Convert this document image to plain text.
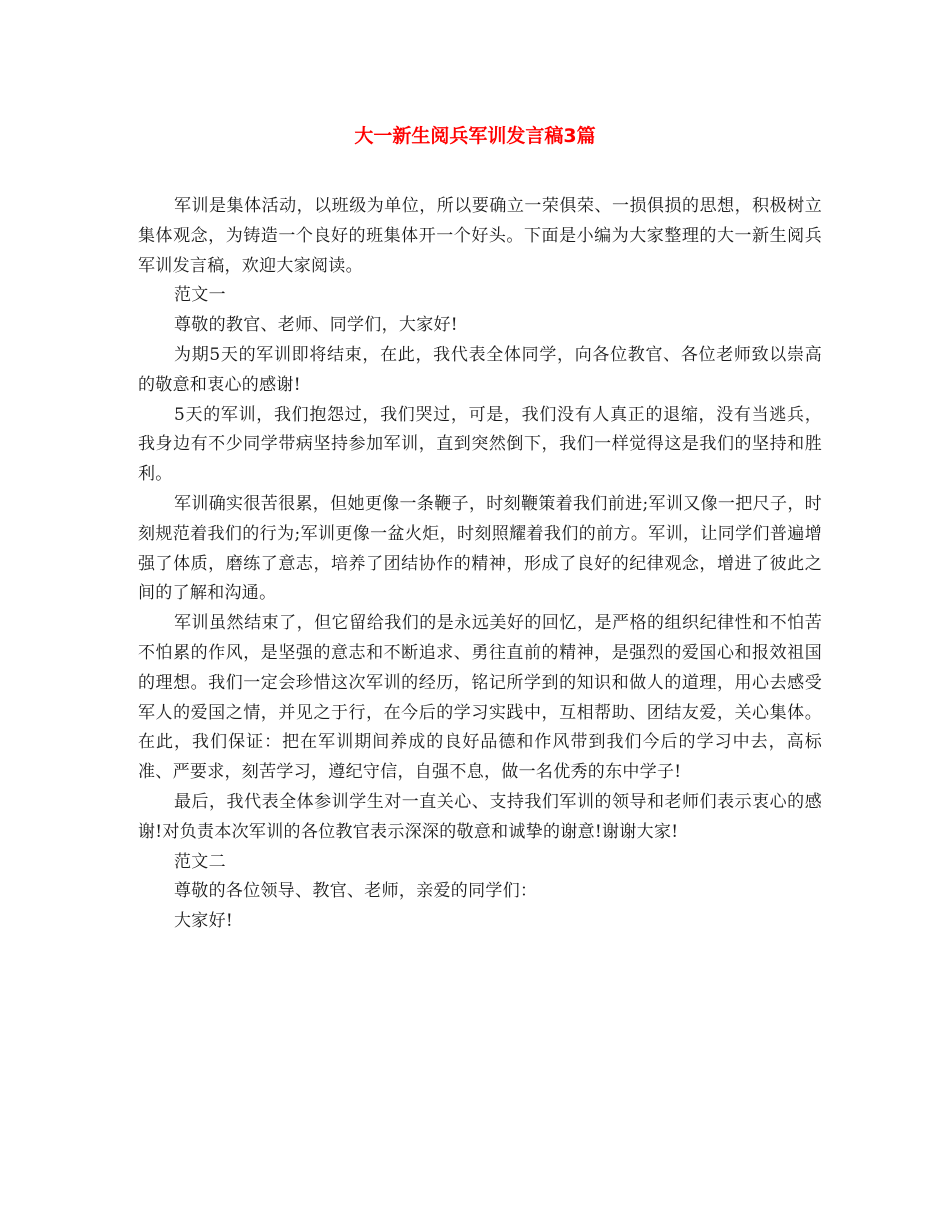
大一新生阅兵军训发言稿3篇

军训是集体活动，以班级为单位，所以要确立一荣俱荣、一损俱损的思想，积极树立集体观念，为铸造一个良好的班集体开一个好头。下面是小编为大家整理的大一新生阅兵军训发言稿，欢迎大家阅读。

范文一

尊敬的教官、老师、同学们，大家好!

为期5天的军训即将结束，在此，我代表全体同学，向各位教官、各位老师致以崇高的敬意和衷心的感谢!

5天的军训，我们抱怨过，我们哭过，可是，我们没有人真正的退缩，没有当逃兵，我身边有不少同学带病坚持参加军训，直到突然倒下，我们一样觉得这是我们的坚持和胜利。

军训确实很苦很累，但她更像一条鞭子，时刻鞭策着我们前进;军训又像一把尺子，时刻规范着我们的行为;军训更像一盆火炬，时刻照耀着我们的前方。军训，让同学们普遍增强了体质，磨练了意志，培养了团结协作的精神，形成了良好的纪律观念，增进了彼此之间的了解和沟通。

军训虽然结束了，但它留给我们的是永远美好的回忆，是严格的组织纪律性和不怕苦不怕累的作风，是坚强的意志和不断追求、勇往直前的精神，是强烈的爱国心和报效祖国的理想。我们一定会珍惜这次军训的经历，铭记所学到的知识和做人的道理，用心去感受军人的爱国之情，并见之于行，在今后的学习实践中，互相帮助、团结友爱，关心集体。在此，我们保证：把在军训期间养成的良好品德和作风带到我们今后的学习中去，高标准、严要求，刻苦学习，遵纪守信，自强不息，做一名优秀的东中学子!

最后，我代表全体参训学生对一直关心、支持我们军训的领导和老师们表示衷心的感谢!对负责本次军训的各位教官表示深深的敬意和诚挚的谢意!谢谢大家!

范文二

尊敬的各位领导、教官、老师，亲爱的同学们：

大家好!
